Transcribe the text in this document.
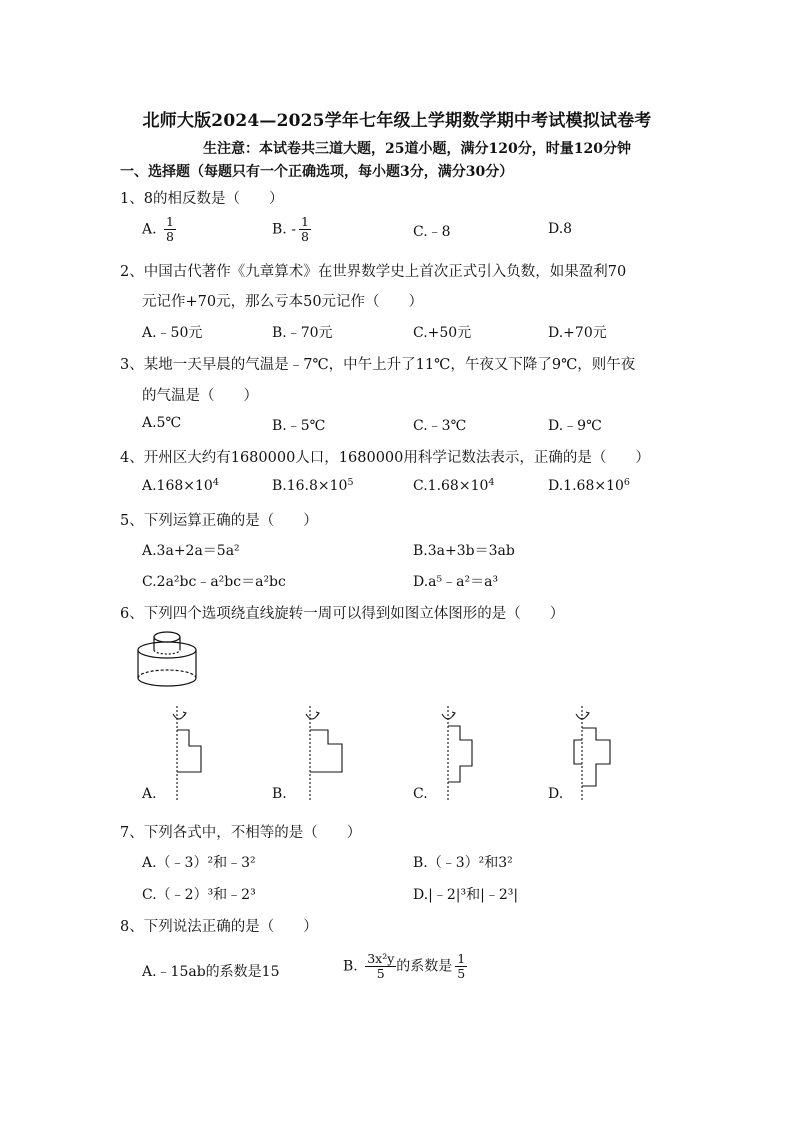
北师大版2024—2025学年七年级上学期数学期中考试模拟试卷考
生注意：本试卷共三道大题，25道小题，满分120分，时量120分钟
一、选择题（每题只有一个正确选项，每小题3分，满分30分）
1、8的相反数是（　　）
A. $\frac{1}{8}$	B. - $\frac{1}{8}$	C.﹣8	D.8
2、中国古代著作《九章算术》在世界数学史上首次正式引入负数，如果盈利70
元记作+70元，那么亏本50元记作（　　）
A.﹣50元	B.﹣70元	C.+50元	D.+70元
3、某地一天早晨的气温是﹣7℃，中午上升了11℃，午夜又下降了9℃，则午夜
的气温是（　　）
A.5℃	B.﹣5℃	C.﹣3℃	D.﹣9℃
4、开州区大约有1680000人口，1680000用科学记数法表示，正确的是（　　）
$A.168\times 10^4$	$B.16.8\times 10^5$	$C.1.68\times 10^4$	$D.1.68\times 10^6$
5、下列运算正确的是（　　）
A.3a+2a＝5a²	B.3a+3b＝3ab
C.2a²bc﹣a²bc＝a²bc	D.a⁵﹣a²＝a³
6、下列四个选项绕直线旋转一周可以得到如图立体图形的是（　　）
A.	B.	C.	D.
7、下列各式中，不相等的是（　　）
A.（﹣3）²和﹣3²	B.（﹣3）²和3²
C.（﹣2）³和﹣2³	D.|﹣2|³和|﹣2³|
8、下列说法正确的是（　　）
A.﹣15ab的系数是15	B. $\frac{\text{3x²y}}{5}$ 的系数是 $\frac{1}{5}$
